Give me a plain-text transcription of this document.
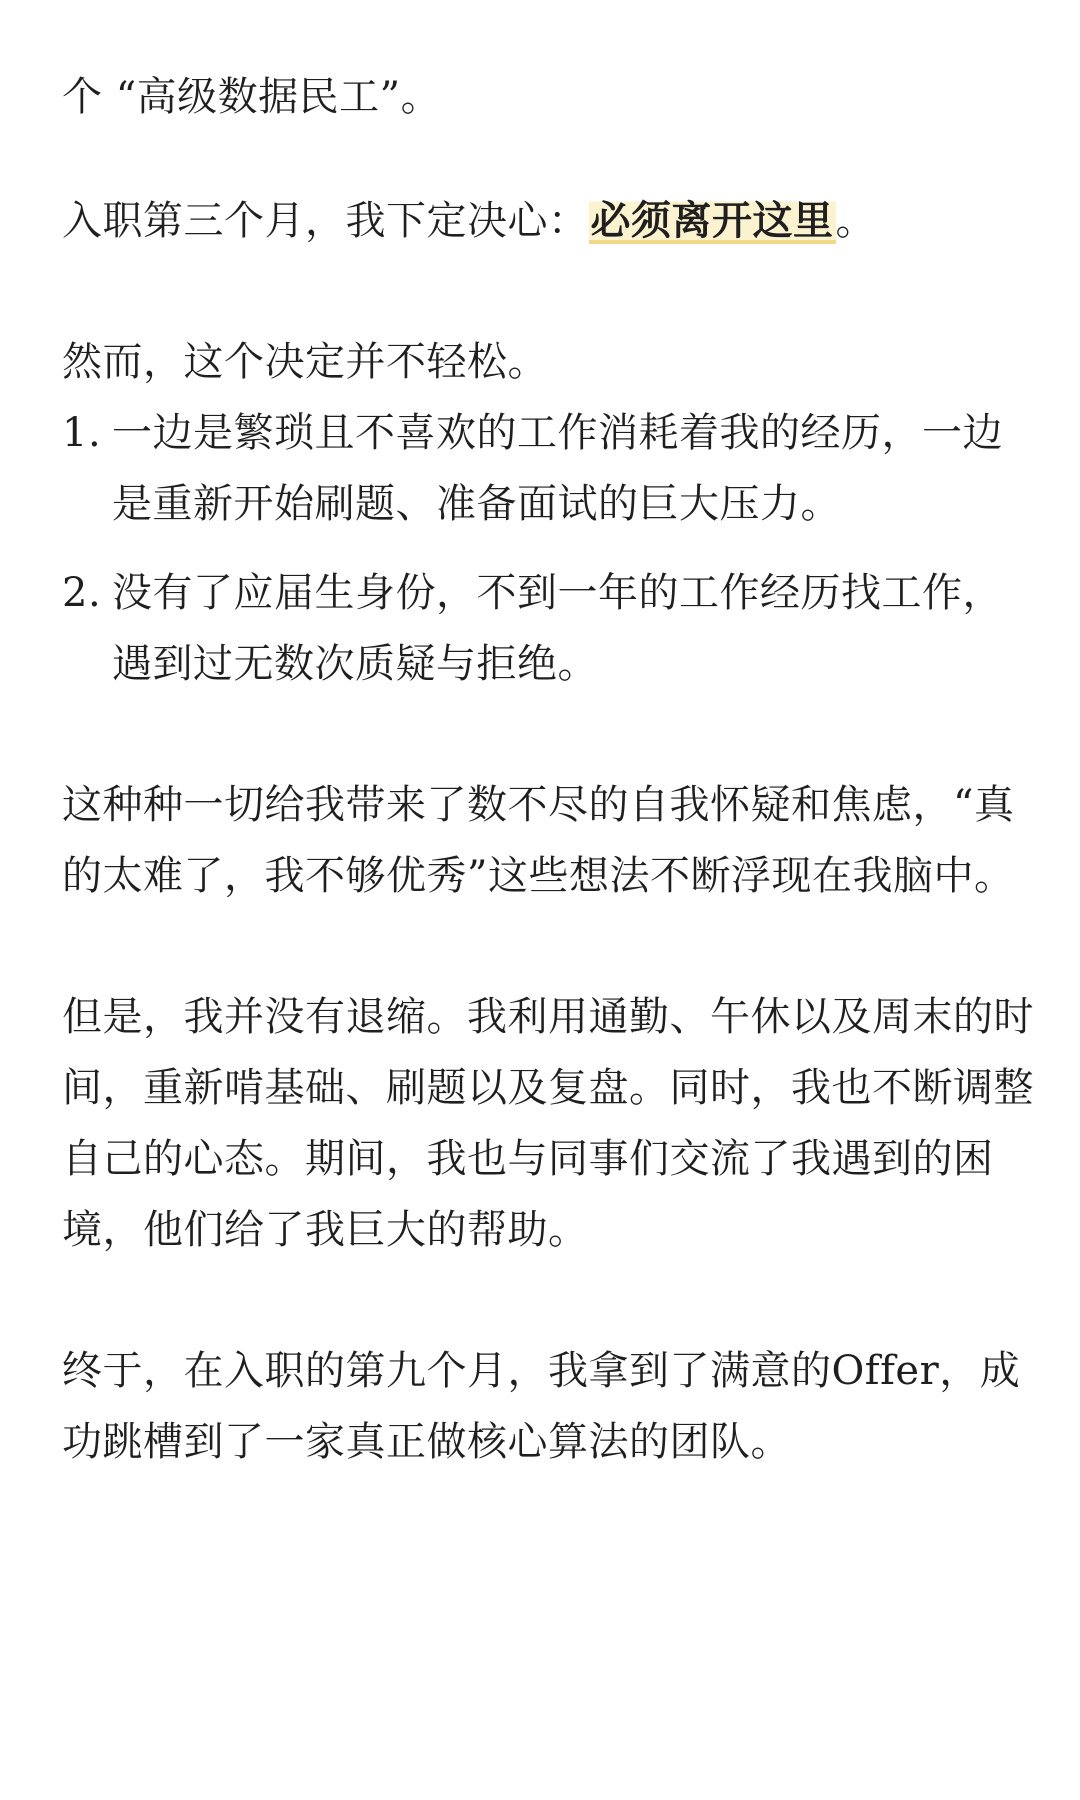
个 “高级数据民工”。

入职第三个月，我下定决心：必须离开这里。

然而，这个决定并不轻松。

1. 一边是繁琐且不喜欢的工作消耗着我的经历，一边是重新开始刷题、准备面试的巨大压力。
2. 没有了应届生身份，不到一年的工作经历找工作，遇到过无数次质疑与拒绝。

这种种一切给我带来了数不尽的自我怀疑和焦虑，“真的太难了，我不够优秀”这些想法不断浮现在我脑中。

但是，我并没有退缩。我利用通勤、午休以及周末的时间，重新啃基础、刷题以及复盘。同时，我也不断调整自己的心态。期间，我也与同事们交流了我遇到的困境，他们给了我巨大的帮助。

终于，在入职的第九个月，我拿到了满意的Offer，成功跳槽到了一家真正做核心算法的团队。
